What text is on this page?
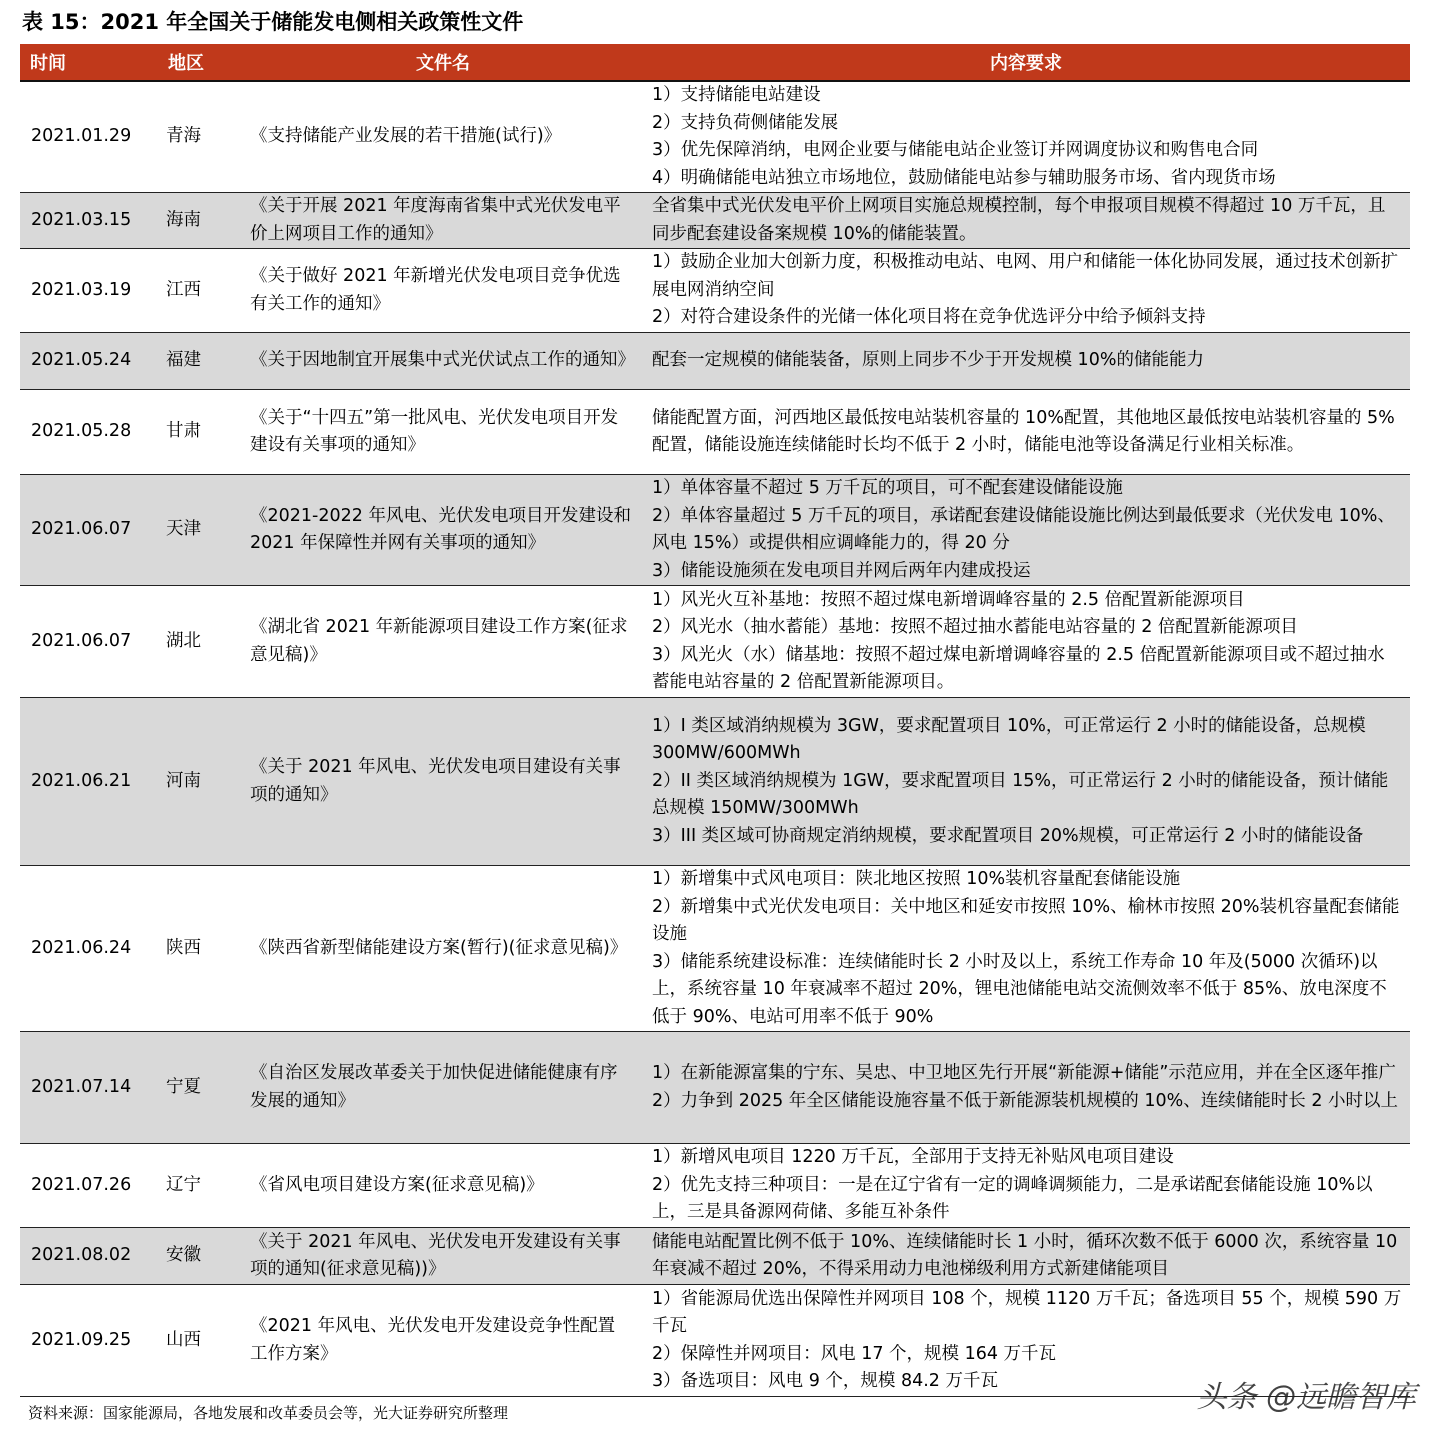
表 15：2021 年全国关于储能发电侧相关政策性文件
时间	地区	文件名	内容要求
2021.01.29	青海	《支持储能产业发展的若干措施(试行)》	1）支持储能电站建设
2）支持负荷侧储能发展
3）优先保障消纳，电网企业要与储能电站企业签订并网调度协议和购售电合同
4）明确储能电站独立市场地位，鼓励储能电站参与辅助服务市场、省内现货市场

2021.03.15	海南	《关于开展 2021 年度海南省集中式光伏发电平价上网项目工作的通知》	全省集中式光伏发电平价上网项目实施总规模控制，每个申报项目规模不得超过 10 万千瓦，且同步配套建设备案规模 10%的储能装置。

2021.03.19	江西	《关于做好 2021 年新增光伏发电项目竞争优选有关工作的通知》	1）鼓励企业加大创新力度，积极推动电站、电网、用户和储能一体化协同发展，通过技术创新扩展电网消纳空间
2）对符合建设条件的光储一体化项目将在竞争优选评分中给予倾斜支持

2021.05.24	福建	《关于因地制宜开展集中式光伏试点工作的通知》	配套一定规模的储能装备，原则上同步不少于开发规模 10%的储能能力

2021.05.28	甘肃	《关于“十四五”第一批风电、光伏发电项目开发建设有关事项的通知》	储能配置方面，河西地区最低按电站装机容量的 10%配置，其他地区最低按电站装机容量的 5%配置，储能设施连续储能时长均不低于 2 小时，储能电池等设备满足行业相关标准。

2021.06.07	天津	《2021-2022 年风电、光伏发电项目开发建设和 2021 年保障性并网有关事项的通知》	1）单体容量不超过 5 万千瓦的项目，可不配套建设储能设施
2）单体容量超过 5 万千瓦的项目，承诺配套建设储能设施比例达到最低要求（光伏发电 10%、风电 15%）或提供相应调峰能力的，得 20 分
3）储能设施须在发电项目并网后两年内建成投运

2021.06.07	湖北	《湖北省 2021 年新能源项目建设工作方案(征求意见稿)》	1）风光火互补基地：按照不超过煤电新增调峰容量的 2.5 倍配置新能源项目
2）风光水（抽水蓄能）基地：按照不超过抽水蓄能电站容量的 2 倍配置新能源项目
3）风光火（水）储基地：按照不超过煤电新增调峰容量的 2.5 倍配置新能源项目或不超过抽水蓄能电站容量的 2 倍配置新能源项目。

2021.06.21	河南	《关于 2021 年风电、光伏发电项目建设有关事项的通知》	1）I 类区域消纳规模为 3GW，要求配置项目 10%，可正常运行 2 小时的储能设备，总规模 300MW/600MWh
2）II 类区域消纳规模为 1GW，要求配置项目 15%，可正常运行 2 小时的储能设备，预计储能总规模 150MW/300MWh
3）III 类区域可协商规定消纳规模，要求配置项目 20%规模，可正常运行 2 小时的储能设备

2021.06.24	陕西	《陕西省新型储能建设方案(暂行)(征求意见稿)》	1）新增集中式风电项目：陕北地区按照 10%装机容量配套储能设施
2）新增集中式光伏发电项目：关中地区和延安市按照 10%、榆林市按照 20%装机容量配套储能设施
3）储能系统建设标准：连续储能时长 2 小时及以上，系统工作寿命 10 年及(5000 次循环)以上，系统容量 10 年衰减率不超过 20%，锂电池储能电站交流侧效率不低于 85%、放电深度不低于 90%、电站可用率不低于 90%

2021.07.14	宁夏	《自治区发展改革委关于加快促进储能健康有序发展的通知》	1）在新能源富集的宁东、吴忠、中卫地区先行开展“新能源+储能”示范应用，并在全区逐年推广
2）力争到 2025 年全区储能设施容量不低于新能源装机规模的 10%、连续储能时长 2 小时以上

2021.07.26	辽宁	《省风电项目建设方案(征求意见稿)》	1）新增风电项目 1220 万千瓦，全部用于支持无补贴风电项目建设
2）优先支持三种项目：一是在辽宁省有一定的调峰调频能力，二是承诺配套储能设施 10%以上，三是具备源网荷储、多能互补条件

2021.08.02	安徽	《关于 2021 年风电、光伏发电开发建设有关事项的通知(征求意见稿))》	储能电站配置比例不低于 10%、连续储能时长 1 小时，循环次数不低于 6000 次，系统容量 10 年衰减不超过 20%，不得采用动力电池梯级利用方式新建储能项目

2021.09.25	山西	《2021 年风电、光伏发电开发建设竞争性配置工作方案》	1）省能源局优选出保障性并网项目 108 个，规模 1120 万千瓦；备选项目 55 个，规模 590 万千瓦
2）保障性并网项目：风电 17 个，规模 164 万千瓦
3）备选项目：风电 9 个，规模 84.2 万千瓦
资料来源：国家能源局，各地发展和改革委员会等，光大证券研究所整理	头条 @远瞻智库
